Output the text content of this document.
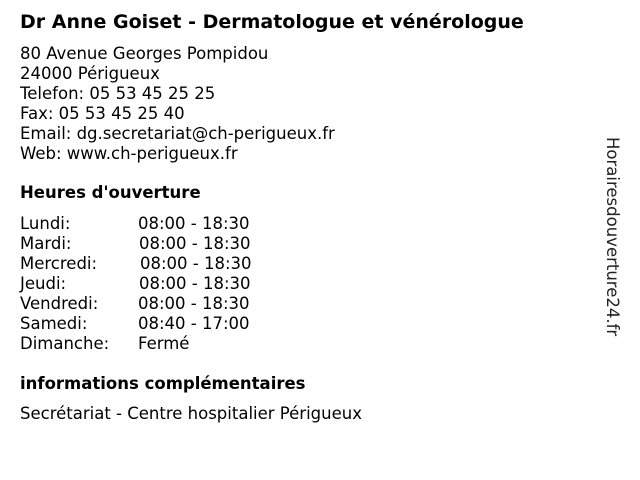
Dr Anne Goiset - Dermatologue et vénérologue
80 Avenue Georges Pompidou
24000 Périgueux
Telefon: 05 53 45 25 25
Fax: 05 53 45 25 40
Email: dg.secretariat@ch-perigueux.fr
Web: www.ch-perigueux.fr
Heures d'ouverture
Lundi:	08:00 - 18:30
Mardi:	08:00 - 18:30
Mercredi:	08:00 - 18:30
Jeudi:	08:00 - 18:30
Vendredi: 08:00 - 18:30
Samedi:	08:40 - 17:00
Dimanche: Fermé
informations complémentaires
Secrétariat - Centre hospitalier Périgueux
Horairesdouverture24.fr
